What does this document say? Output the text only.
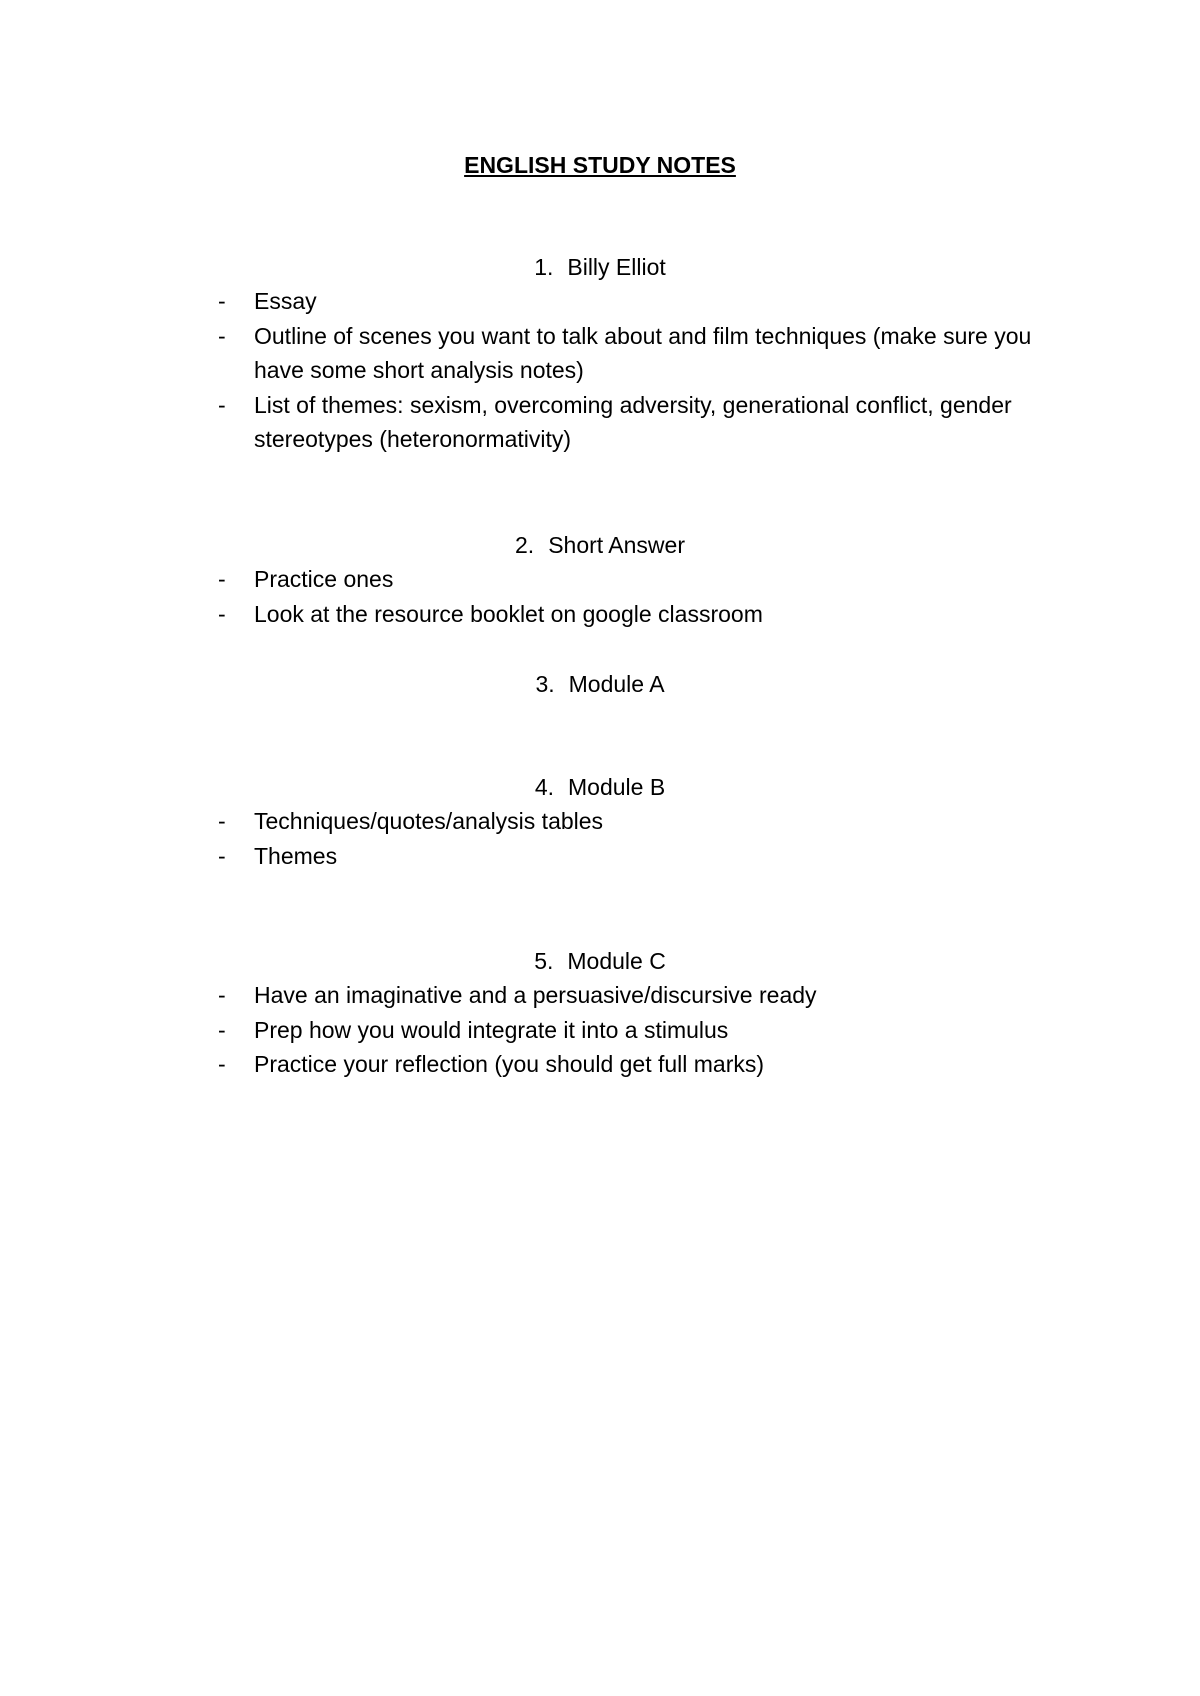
ENGLISH STUDY NOTES
1. Billy Elliot
- Essay
- Outline of scenes you want to talk about and film techniques (make sure you have some short analysis notes)
- List of themes: sexism, overcoming adversity, generational conflict, gender stereotypes (heteronormativity)
2. Short Answer
- Practice ones
- Look at the resource booklet on google classroom
3. Module A
4. Module B
- Techniques/quotes/analysis tables
- Themes
5. Module C
- Have an imaginative and a persuasive/discursive ready
- Prep how you would integrate it into a stimulus
- Practice your reflection (you should get full marks)
